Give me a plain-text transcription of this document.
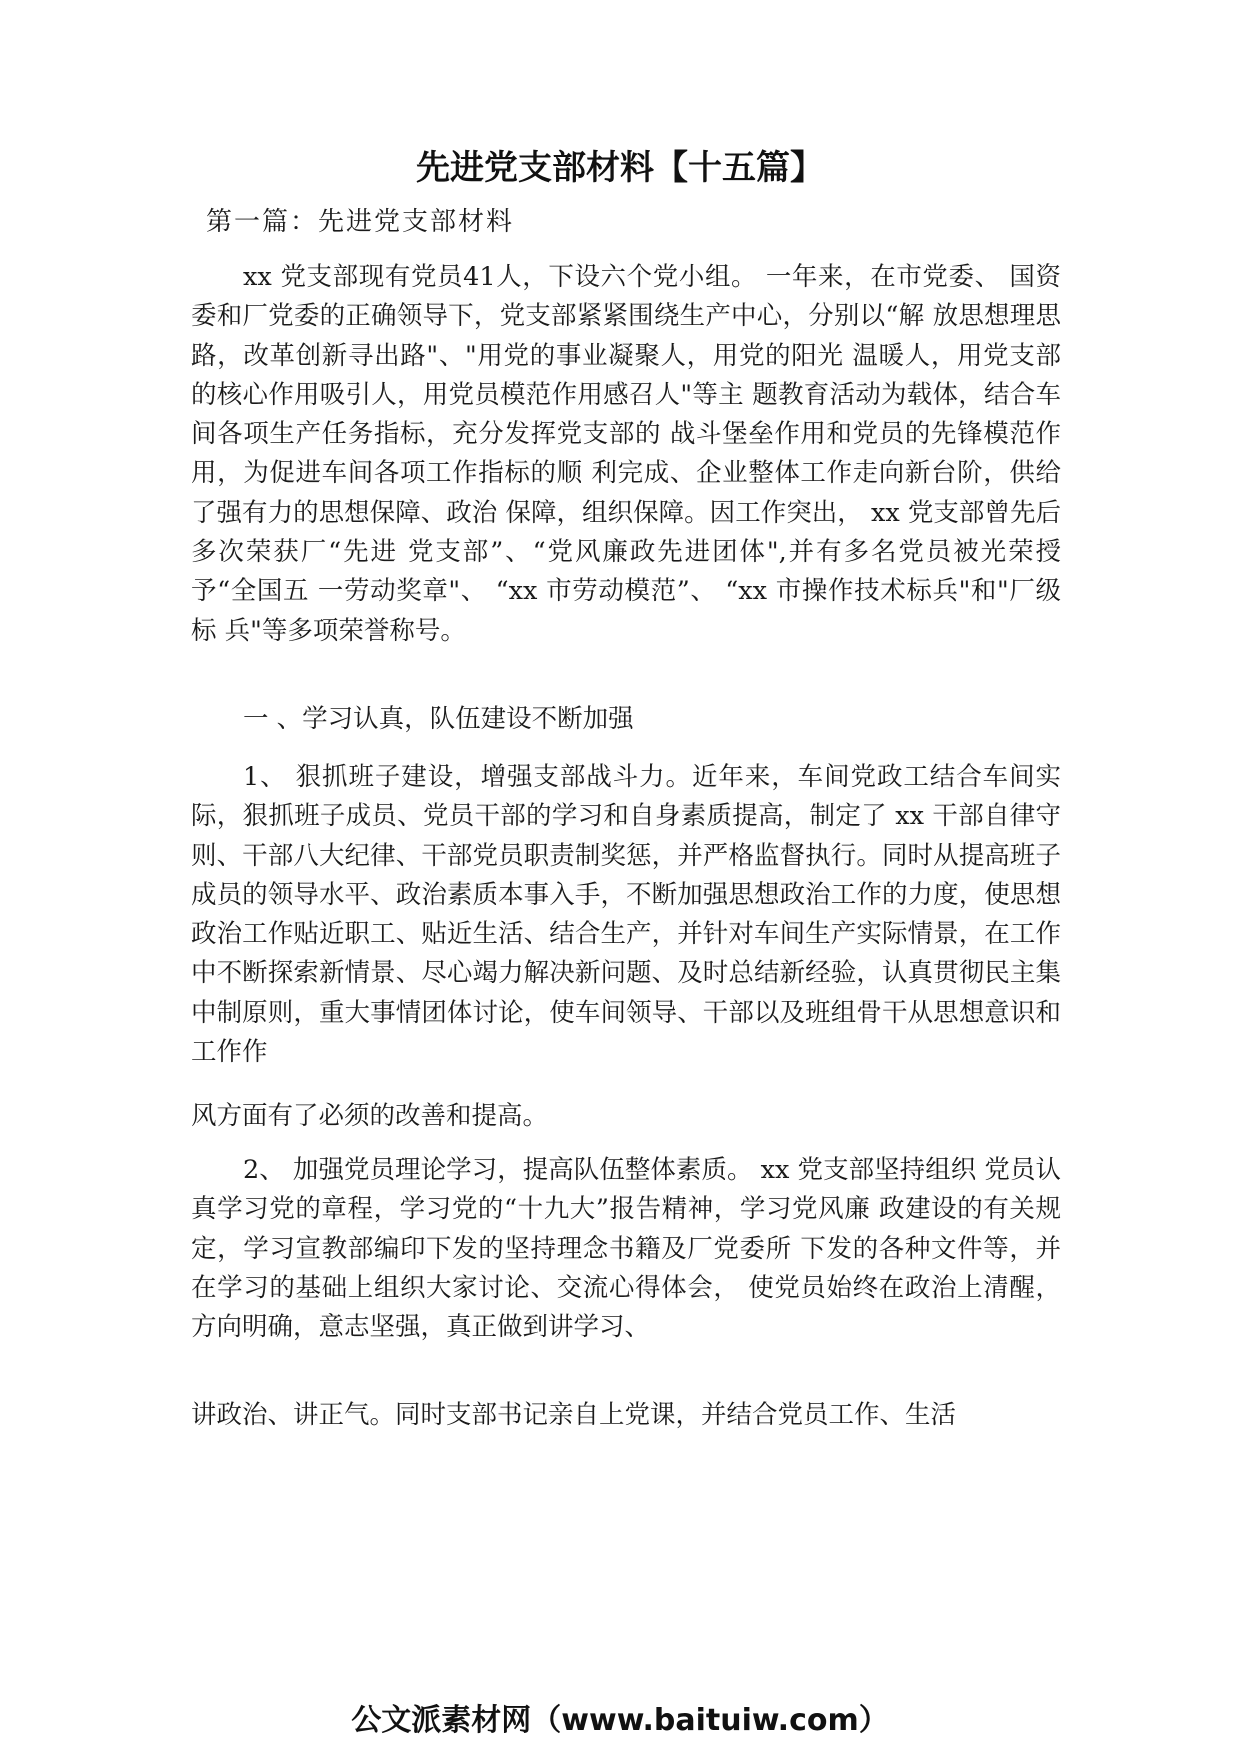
先进党支部材料【十五篇】
第一篇：先进党支部材料
xx 党支部现有党员41人，下设六个党小组。 一年来，在市党委、 国资委和厂党委的正确领导下，党支部紧紧围绕生产中心，分别以“解 放思想理思路，改革创新寻出路"、"用党的事业凝聚人，用党的阳光 温暖人，用党支部的核心作用吸引人，用党员模范作用感召人"等主 题教育活动为载体，结合车间各项生产任务指标，充分发挥党支部的 战斗堡垒作用和党员的先锋模范作用，为促进车间各项工作指标的顺 利完成、企业整体工作走向新台阶，供给了强有力的思想保障、政治 保障，组织保障。因工作突出， xx 党支部曾先后多次荣获厂“先进 党支部”、“党风廉政先进团体",并有多名党员被光荣授予“全国五 一劳动奖章"、 “xx 市劳动模范”、 “xx 市操作技术标兵"和"厂级标 兵"等多项荣誉称号。
一 、学习认真，队伍建设不断加强
1、 狠抓班子建设，增强支部战斗力。近年来，车间党政工结合车间实际，狠抓班子成员、党员干部的学习和自身素质提高，制定了 xx 干部自律守则、干部八大纪律、干部党员职责制奖惩，并严格监督执行。同时从提高班子成员的领导水平、政治素质本事入手，不断加强思想政治工作的力度，使思想政治工作贴近职工、贴近生活、结合生产，并针对车间生产实际情景，在工作中不断探索新情景、尽心竭力解决新问题、及时总结新经验，认真贯彻民主集中制原则，重大事情团体讨论，使车间领导、干部以及班组骨干从思想意识和工作作
风方面有了必须的改善和提高。
2、 加强党员理论学习，提高队伍整体素质。 xx 党支部坚持组织 党员认真学习党的章程，学习党的“十九大”报告精神，学习党风廉 政建设的有关规定，学习宣教部编印下发的坚持理念书籍及厂党委所 下发的各种文件等，并在学习的基础上组织大家讨论、交流心得体会， 使党员始终在政治上清醒，方向明确，意志坚强，真正做到讲学习、
讲政治、讲正气。同时支部书记亲自上党课，并结合党员工作、生活
公文派素材网（www.baituiw.com）
